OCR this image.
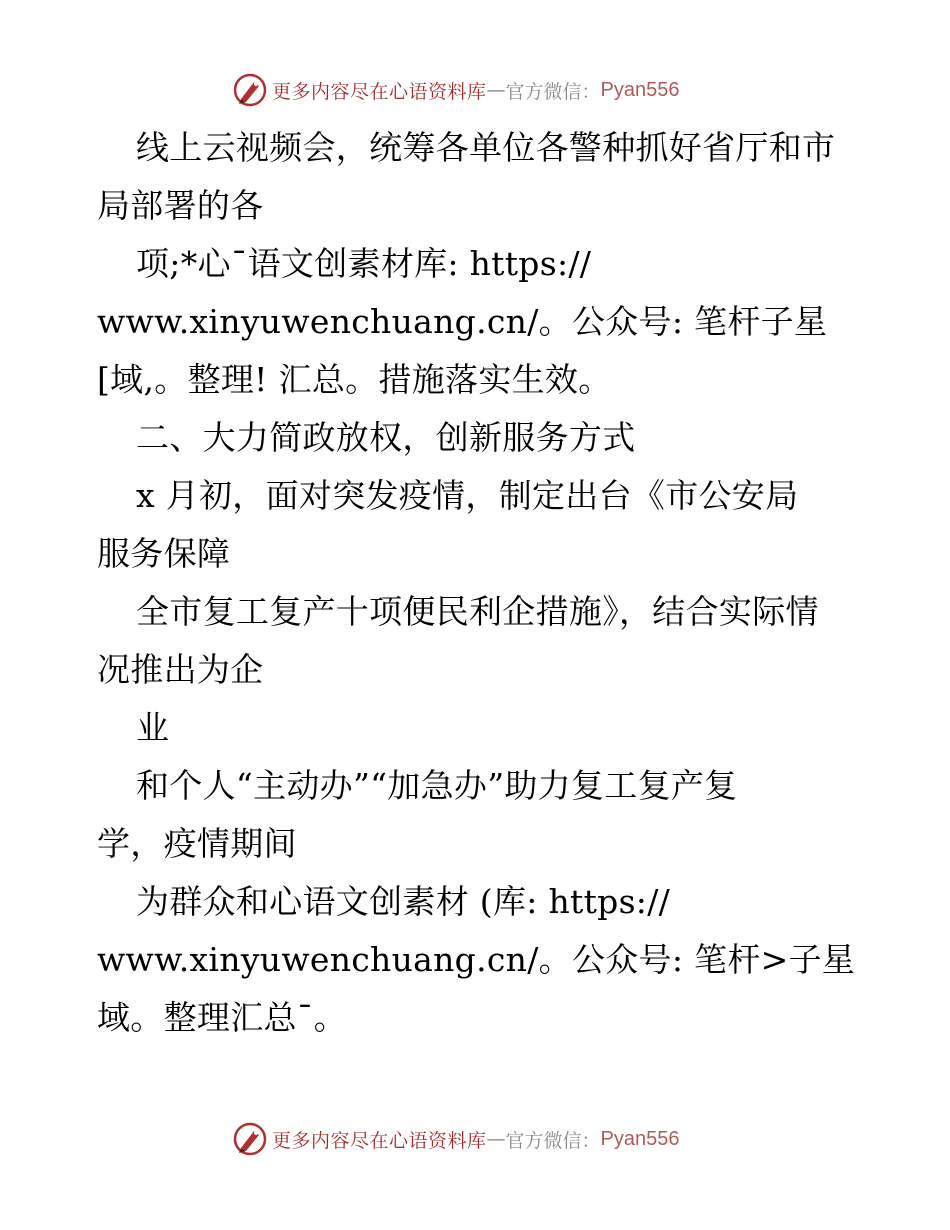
更多内容尽在心语资料库 — 官方微信： Pyan556
线上云视频会，统筹各单位各警种抓好省厅和市
局部署的各
项;*心¯语文创素材库: https://
www.xinyuwenchuang.cn/。公众号: 笔杆子星
[域,。整理! 汇总。措施落实生效。
二、大力简政放权，创新服务方式
x 月初，面对突发疫情，制定出台《市公安局
服务保障
全市复工复产十项便民利企措施》，结合实际情
况推出为企
业
和个人“主动办”“加急办”助力复工复产复
学，疫情期间
为群众和心语文创素材 (库: https://
www.xinyuwenchuang.cn/。公众号: 笔杆>子星
域。整理汇总¯。
更多内容尽在心语资料库 — 官方微信： Pyan556
